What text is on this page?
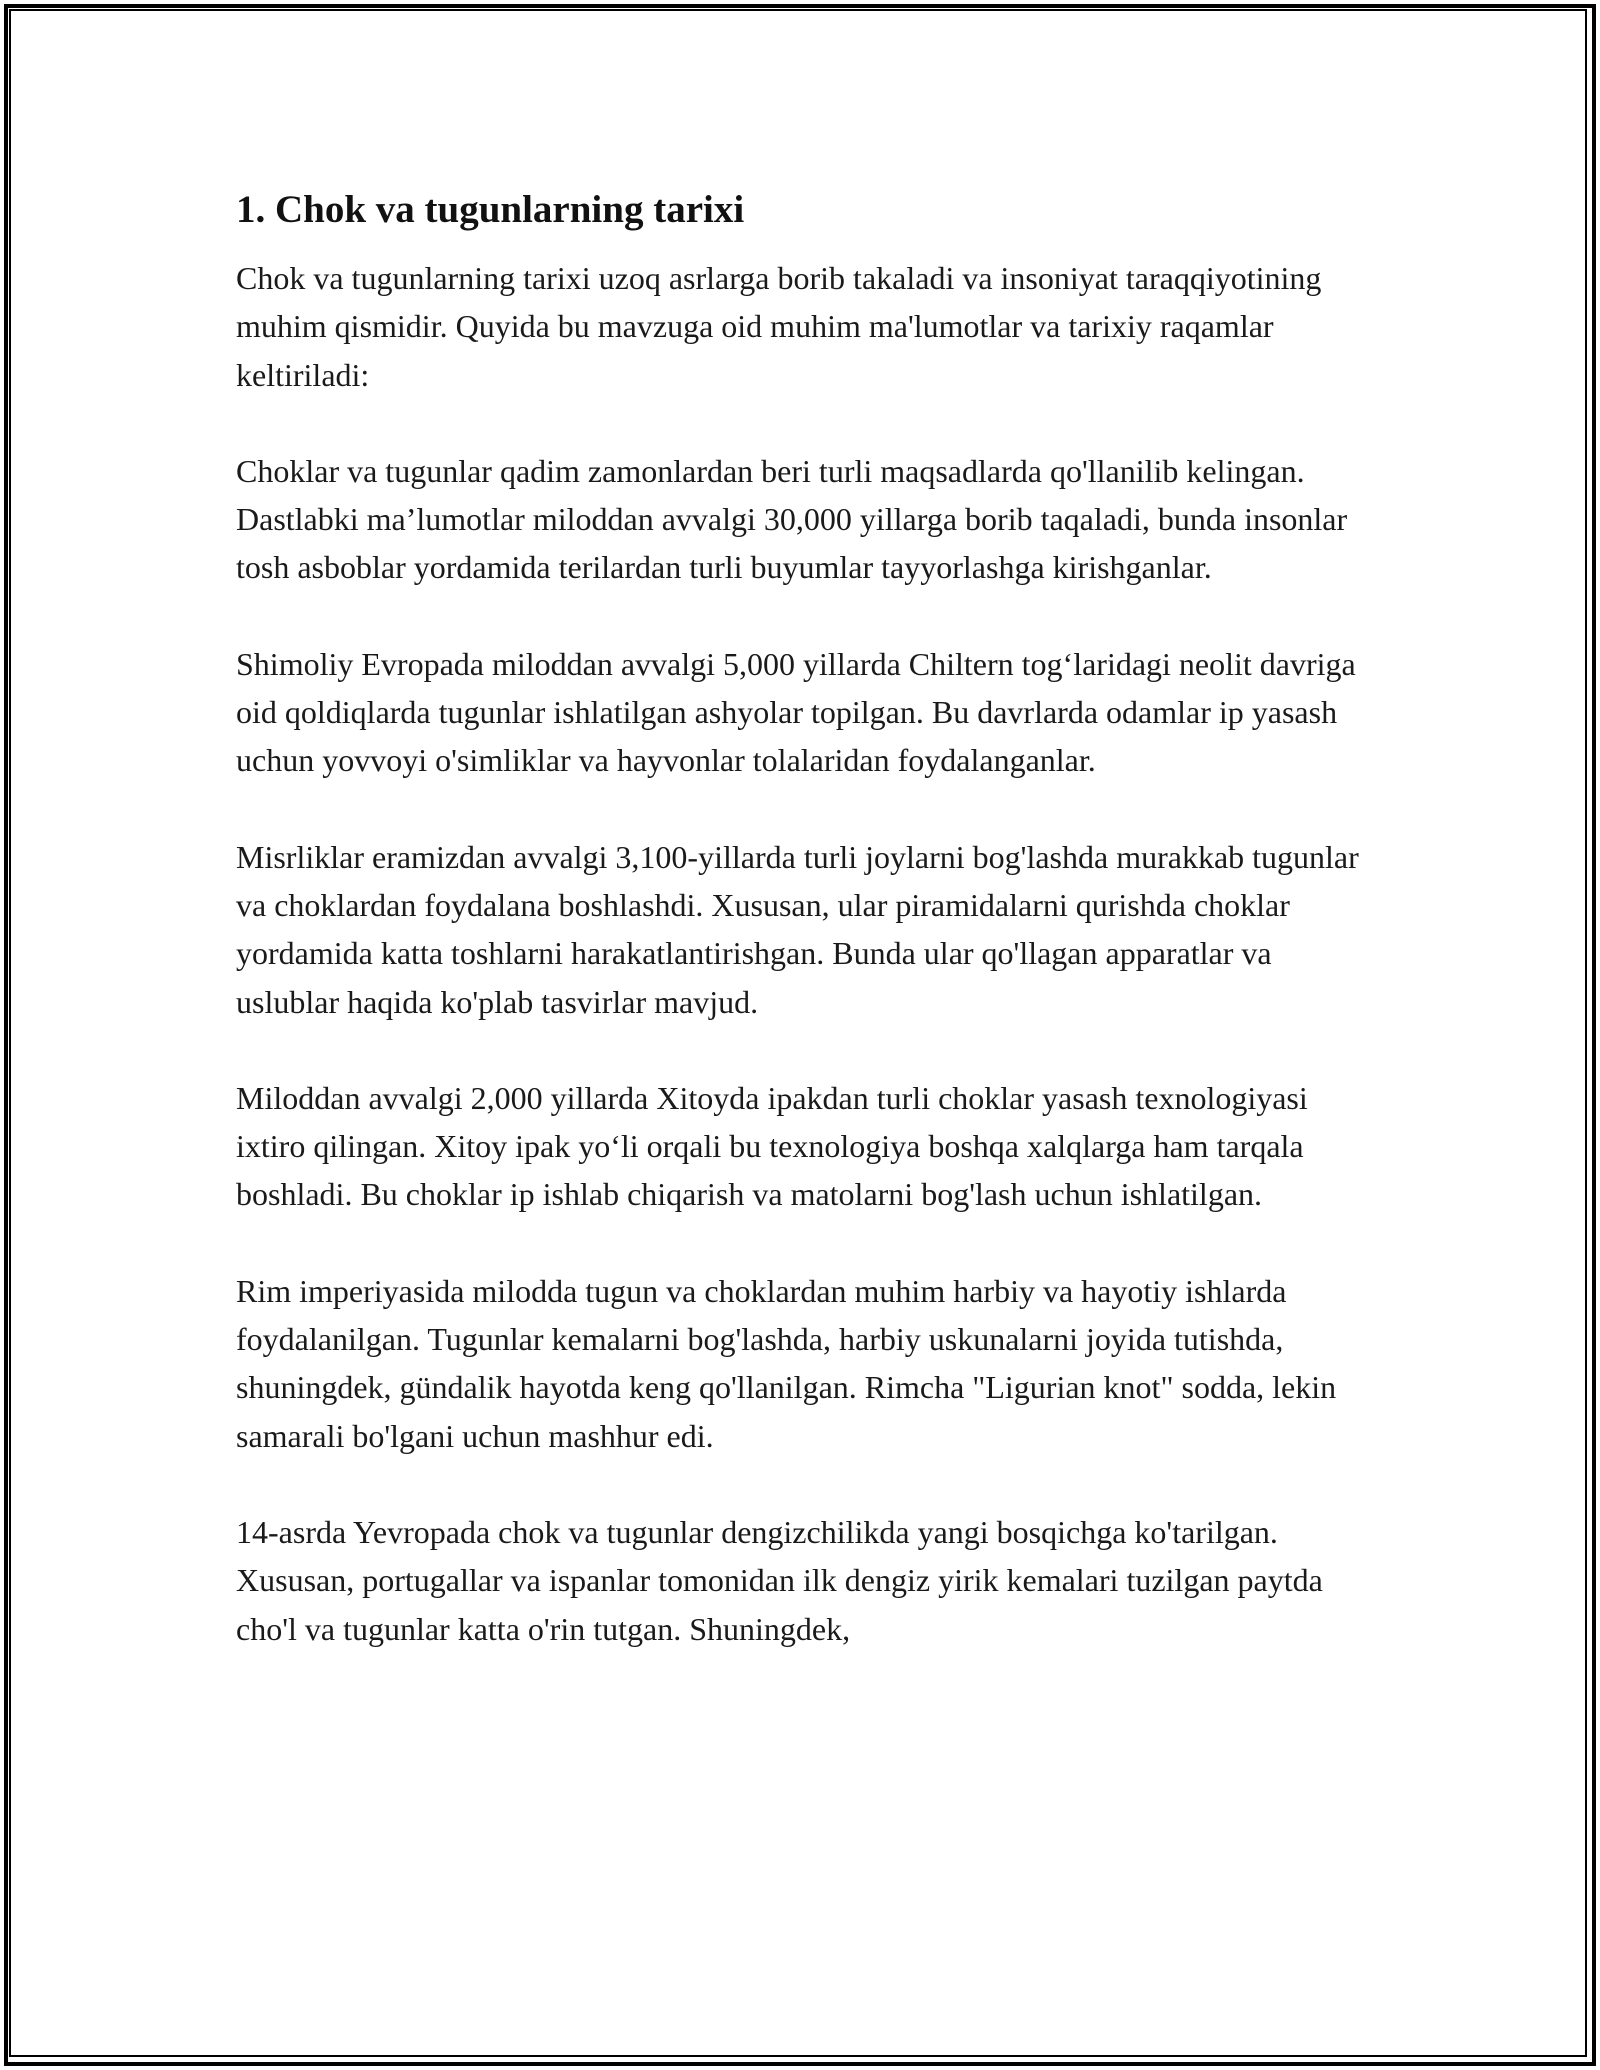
1. Chok va tugunlarning tarixi

Chok va tugunlarning tarixi uzoq asrlarga borib takaladi va insoniyat taraqqiyotining muhim qismidir. Quyida bu mavzuga oid muhim ma'lumotlar va tarixiy raqamlar keltiriladi:

Choklar va tugunlar qadim zamonlardan beri turli maqsadlarda qo'llanilib kelingan. Dastlabki ma’lumotlar miloddan avvalgi 30,000 yillarga borib taqaladi, bunda insonlar tosh asboblar yordamida terilardan turli buyumlar tayyorlashga kirishganlar.

Shimoliy Evropada miloddan avvalgi 5,000 yillarda Chiltern tog‘laridagi neolit davriga oid qoldiqlarda tugunlar ishlatilgan ashyolar topilgan. Bu davrlarda odamlar ip yasash uchun yovvoyi o'simliklar va hayvonlar tolalaridan foydalanganlar.

Misrliklar eramizdan avvalgi 3,100-yillarda turli joylarni bog'lashda murakkab tugunlar va choklardan foydalana boshlashdi. Xususan, ular piramidalarni qurishda choklar yordamida katta toshlarni harakatlantirishgan. Bunda ular qo'llagan apparatlar va uslublar haqida ko'plab tasvirlar mavjud.

Miloddan avvalgi 2,000 yillarda Xitoyda ipakdan turli choklar yasash texnologiyasi ixtiro qilingan. Xitoy ipak yo‘li orqali bu texnologiya boshqa xalqlarga ham tarqala boshladi. Bu choklar ip ishlab chiqarish va matolarni bog'lash uchun ishlatilgan.

Rim imperiyasida milodda tugun va choklardan muhim harbiy va hayotiy ishlarda foydalanilgan. Tugunlar kemalarni bog'lashda, harbiy uskunalarni joyida tutishda, shuningdek, gündalik hayotda keng qo'llanilgan. Rimcha "Ligurian knot" sodda, lekin samarali bo'lgani uchun mashhur edi.

14-asrda Yevropada chok va tugunlar dengizchilikda yangi bosqichga ko'tarilgan. Xususan, portugallar va ispanlar tomonidan ilk dengiz yirik kemalari tuzilgan paytda cho'l va tugunlar katta o'rin tutgan. Shuningdek,
